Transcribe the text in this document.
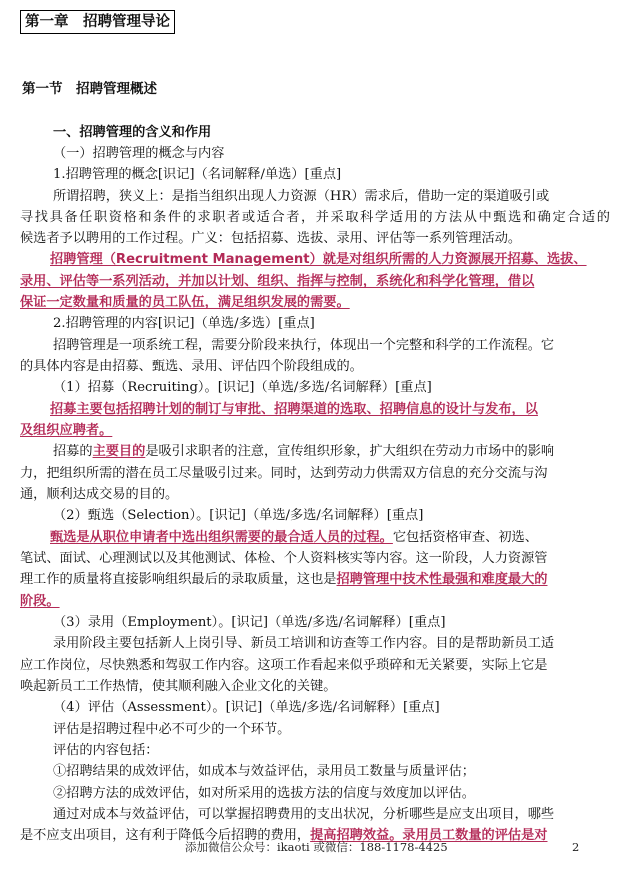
第一章　招聘管理导论
第一节　招聘管理概述
一、招聘管理的含义和作用
（一）招聘管理的概念与内容
1.招聘管理的概念[识记]（名词解释/单选）[重点]
所谓招聘，狭义上：是指当组织出现人力资源（HR）需求后，借助一定的渠道吸引或
寻找具备任职资格和条件的求职者或适合者，并采取科学适用的方法从中甄选和确定合适的
候选者予以聘用的工作过程。广义：包括招募、选拔、录用、评估等一系列管理活动。
招聘管理（Recruitment Management）就是对组织所需的人力资源展开招募、选拔、
录用、评估等一系列活动，并加以计划、组织、指挥与控制，系统化和科学化管理，借以
保证一定数量和质量的员工队伍，满足组织发展的需要。
2.招聘管理的内容[识记]（单选/多选）[重点]
招聘管理是一项系统工程，需要分阶段来执行，体现出一个完整和科学的工作流程。它
的具体内容是由招募、甄选、录用、评估四个阶段组成的。
（1）招募（Recruiting）。[识记]（单选/多选/名词解释）[重点]
招募主要包括招聘计划的制订与审批、招聘渠道的选取、招聘信息的设计与发布，以
及组织应聘者。
招募的主要目的是吸引求职者的注意，宣传组织形象，扩大组织在劳动力市场中的影响
力，把组织所需的潜在员工尽量吸引过来。同时，达到劳动力供需双方信息的充分交流与沟
通，顺利达成交易的目的。
（2）甄选（Selection）。[识记]（单选/多选/名词解释）[重点]
甄选是从职位申请者中选出组织需要的最合适人员的过程。它包括资格审查、初选、
笔试、面试、心理测试以及其他测试、体检、个人资料核实等内容。这一阶段，人力资源管
理工作的质量将直接影响组织最后的录取质量，这也是招聘管理中技术性最强和难度最大的
阶段。
（3）录用（Employment）。[识记]（单选/多选/名词解释）[重点]
录用阶段主要包括新人上岗引导、新员工培训和访查等工作内容。目的是帮助新员工适
应工作岗位，尽快熟悉和驾驭工作内容。这项工作看起来似乎琐碎和无关紧要，实际上它是
唤起新员工工作热情，使其顺利融入企业文化的关键。
（4）评估（Assessment）。[识记]（单选/多选/名词解释）[重点]
评估是招聘过程中必不可少的一个环节。
评估的内容包括：
①招聘结果的成效评估，如成本与效益评估，录用员工数量与质量评估；
②招聘方法的成效评估，如对所采用的选拔方法的信度与效度加以评估。
通过对成本与效益评估，可以掌握招聘费用的支出状况，分析哪些是应支出项目，哪些
是不应支出项目，这有利于降低今后招聘的费用，提高招聘效益。录用员工数量的评估是对
添加微信公众号：ikaoti 或微信：188-1178-4425	2
